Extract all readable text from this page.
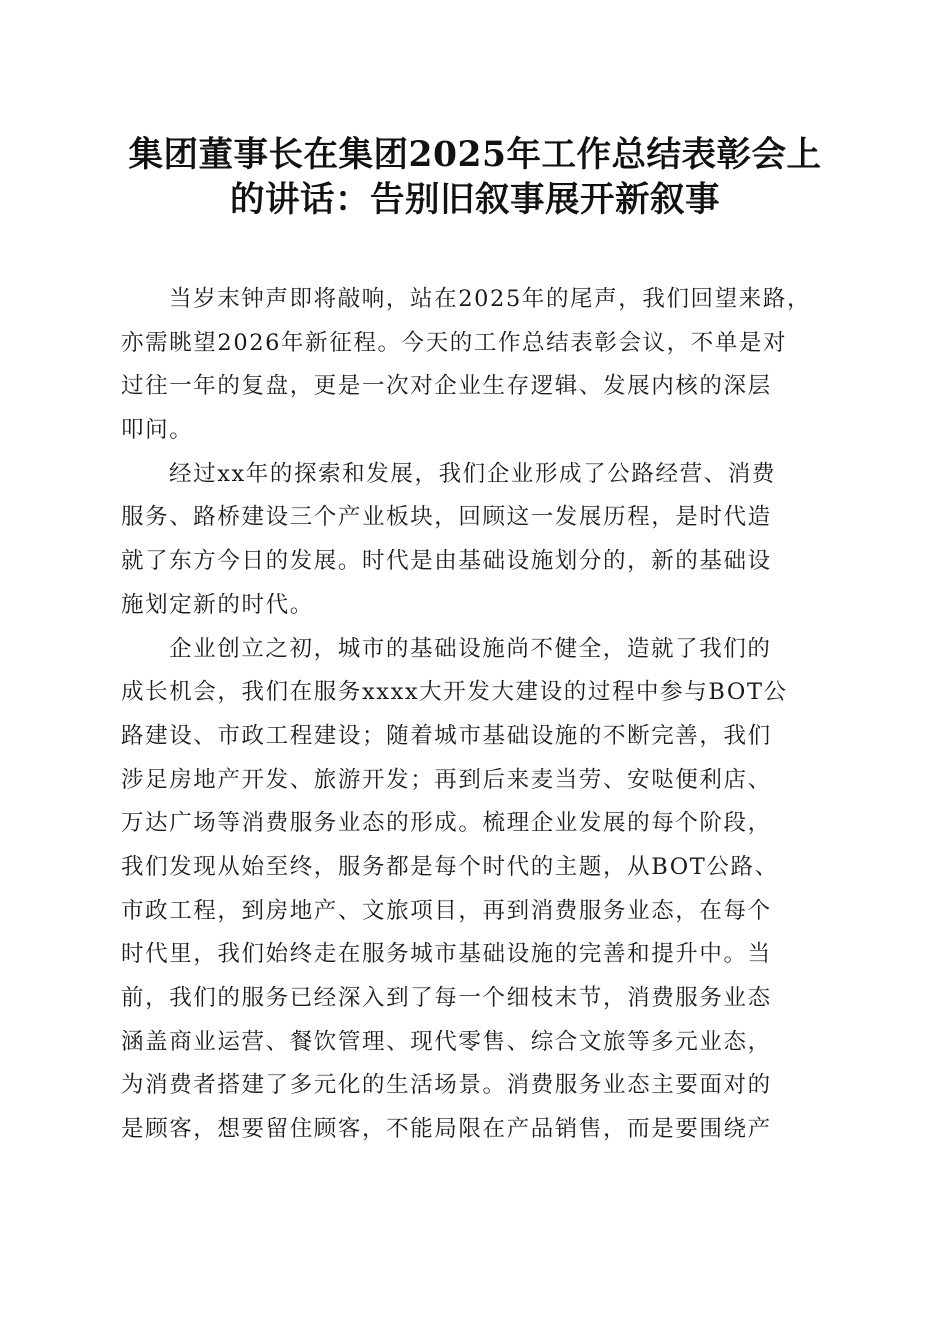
集团董事长在集团2025年工作总结表彰会上
的讲话：告别旧叙事展开新叙事

当岁末钟声即将敲响，站在2025年的尾声，我们回望来路，
亦需眺望2026年新征程。今天的工作总结表彰会议，不单是对
过往一年的复盘，更是一次对企业生存逻辑、发展内核的深层
叩问。

经过xx年的探索和发展，我们企业形成了公路经营、消费
服务、路桥建设三个产业板块，回顾这一发展历程，是时代造
就了东方今日的发展。时代是由基础设施划分的，新的基础设
施划定新的时代。

企业创立之初，城市的基础设施尚不健全，造就了我们的
成长机会，我们在服务xxxx大开发大建设的过程中参与BOT公
路建设、市政工程建设；随着城市基础设施的不断完善，我们
涉足房地产开发、旅游开发；再到后来麦当劳、安哒便利店、
万达广场等消费服务业态的形成。梳理企业发展的每个阶段，
我们发现从始至终，服务都是每个时代的主题，从BOT公路、
市政工程，到房地产、文旅项目，再到消费服务业态，在每个
时代里，我们始终走在服务城市基础设施的完善和提升中。当
前，我们的服务已经深入到了每一个细枝末节，消费服务业态
涵盖商业运营、餐饮管理、现代零售、综合文旅等多元业态，
为消费者搭建了多元化的生活场景。消费服务业态主要面对的
是顾客，想要留住顾客，不能局限在产品销售，而是要围绕产
